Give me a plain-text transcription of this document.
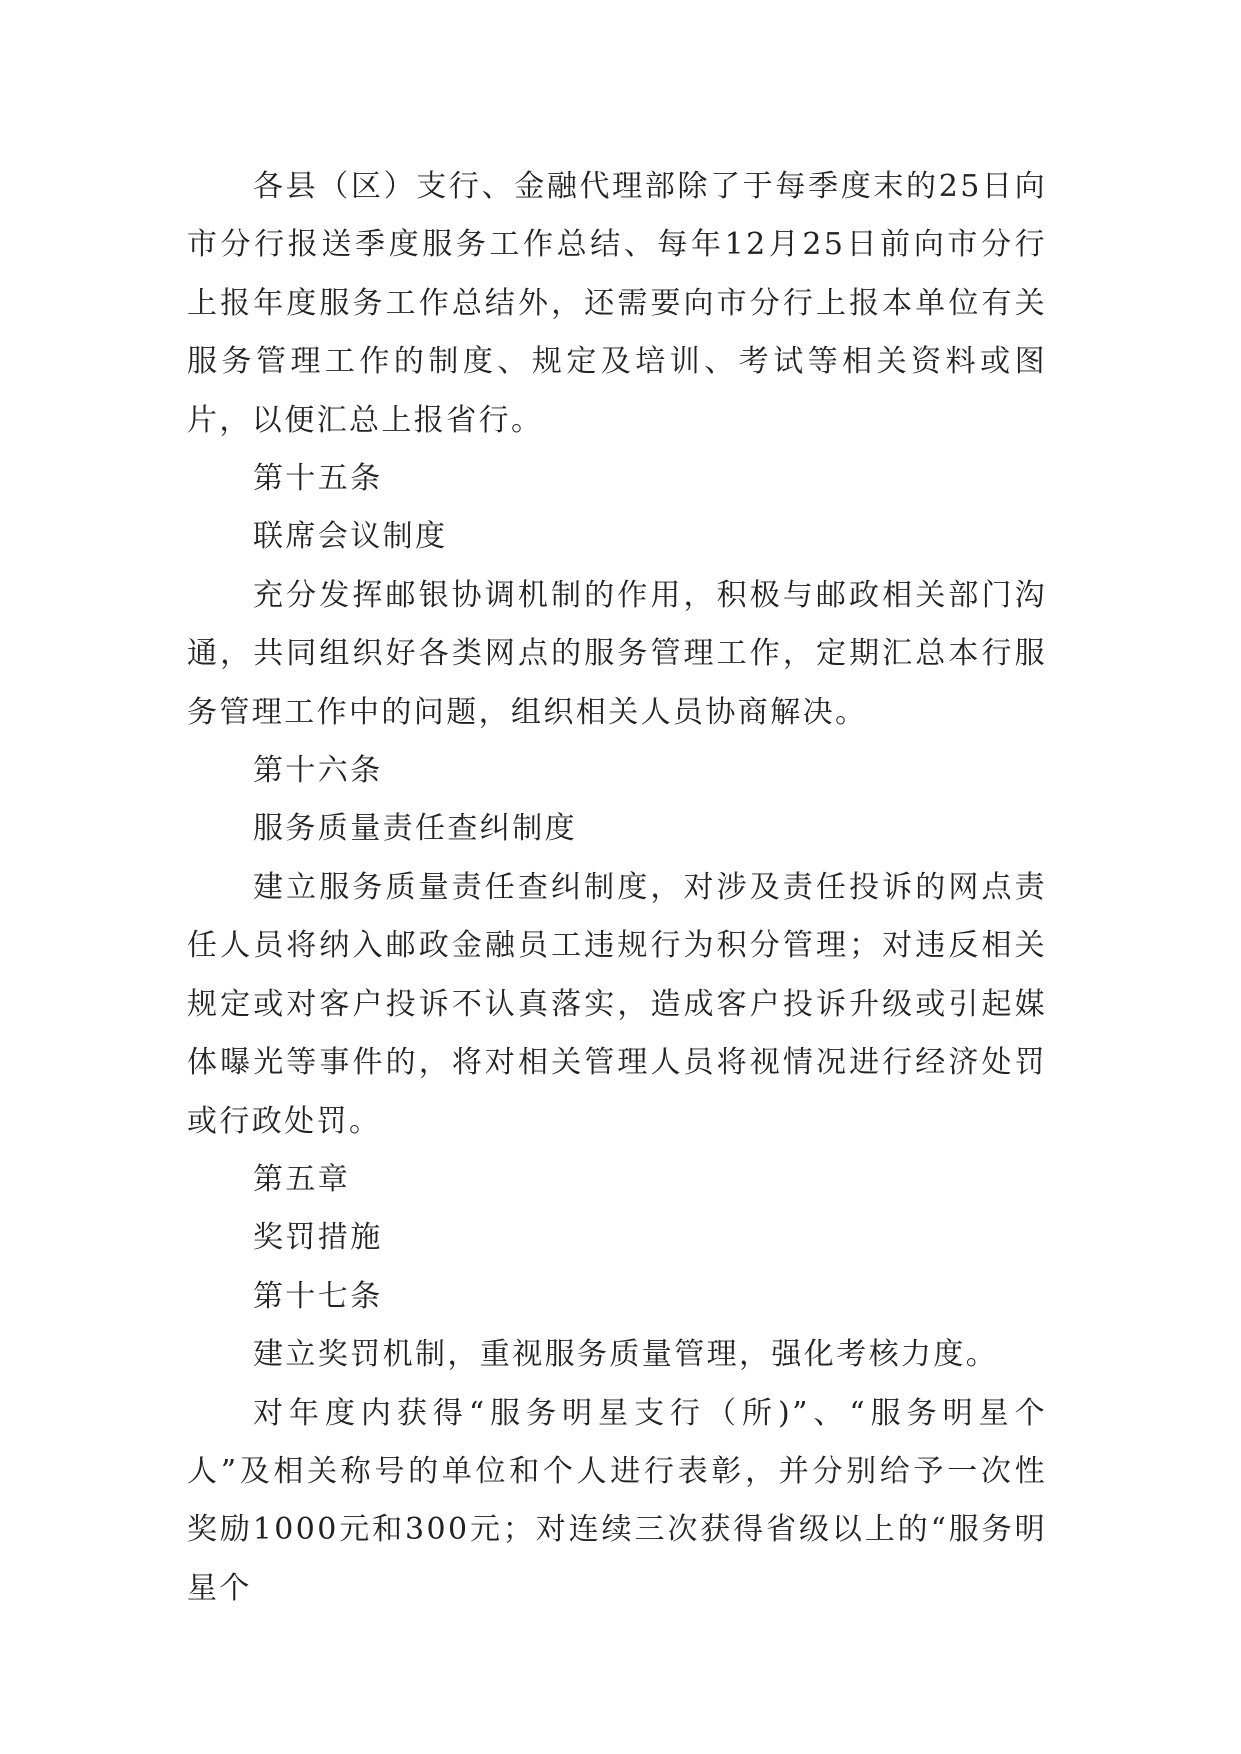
各县（区）支行、金融代理部除了于每季度末的25日向市分行报送季度服务工作总结、每年12月25日前向市分行上报年度服务工作总结外，还需要向市分行上报本单位有关服务管理工作的制度、规定及培训、考试等相关资料或图片，以便汇总上报省行。

第十五条

联席会议制度

充分发挥邮银协调机制的作用，积极与邮政相关部门沟通，共同组织好各类网点的服务管理工作，定期汇总本行服务管理工作中的问题，组织相关人员协商解决。

第十六条

服务质量责任查纠制度

建立服务质量责任查纠制度，对涉及责任投诉的网点责任人员将纳入邮政金融员工违规行为积分管理；对违反相关规定或对客户投诉不认真落实，造成客户投诉升级或引起媒体曝光等事件的，将对相关管理人员将视情况进行经济处罚或行政处罚。

第五章

奖罚措施

第十七条

建立奖罚机制，重视服务质量管理，强化考核力度。

对年度内获得“服务明星支行（所)”、“服务明星个人”及相关称号的单位和个人进行表彰，并分别给予一次性奖励1000元和300元；对连续三次获得省级以上的“服务明星个
